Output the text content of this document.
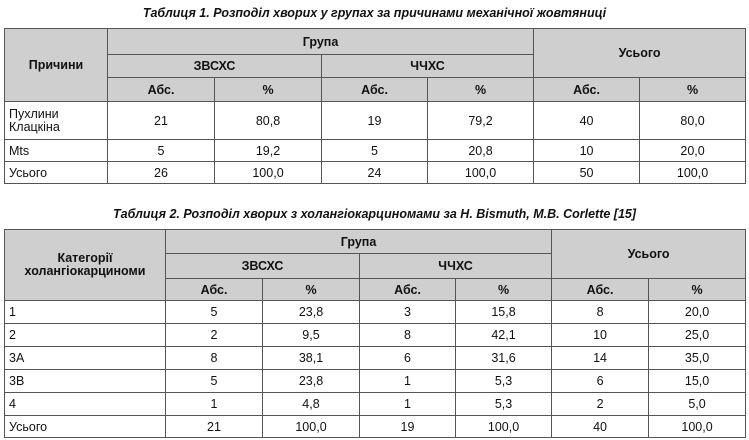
Таблиця 1. Розподіл хворих у групах за причинами механічної жовтяниці
Причини	Група				Усього	
	ЗВСХС		ЧЧХС			
	Абс.	%	Абс.	%	Абс.	%
Пухлини Клацкіна	21	80,8	19	79,2	40	80,0
Mts	5	19,2	5	20,8	10	20,0
Усього	26	100,0	24	100,0	50	100,0
Таблиця 2. Розподіл хворих з холангіокарциномами за H. Bismuth, M.B. Corlette [15]
Категорії холангіокарциноми	Група				Усього	
	ЗВСХС		ЧЧХС			
	Абс.	%	Абс.	%	Абс.	%
1	5	23,8	3	15,8	8	20,0
2	2	9,5	8	42,1	10	25,0
3A	8	38,1	6	31,6	14	35,0
3B	5	23,8	1	5,3	6	15,0
4	1	4,8	1	5,3	2	5,0
Усього	21	100,0	19	100,0	40	100,0
